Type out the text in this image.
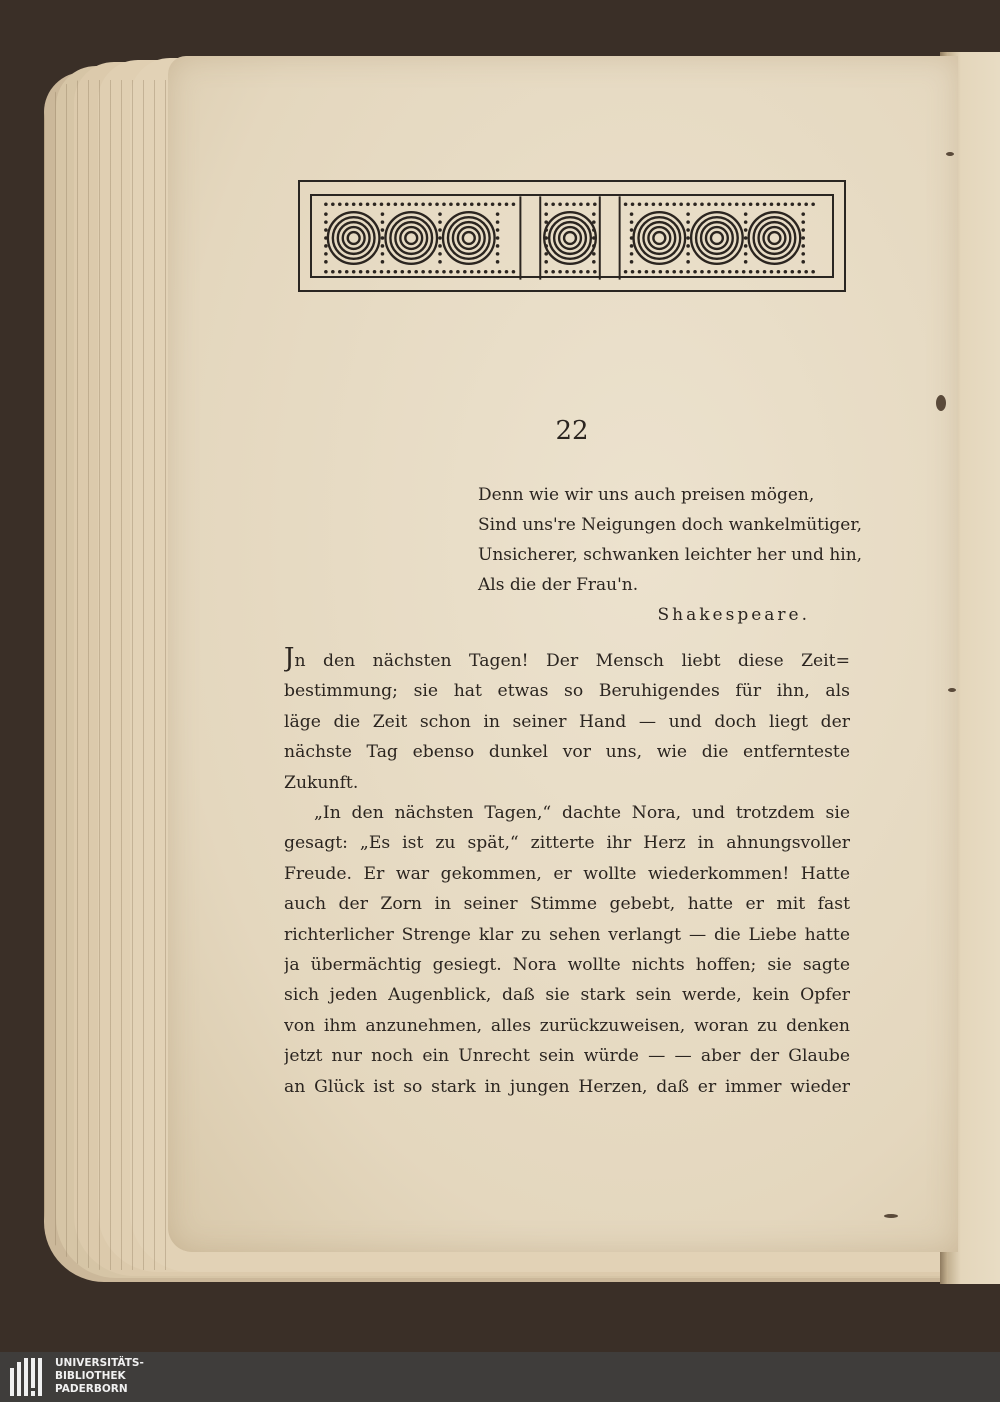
22
Denn wie wir uns auch preisen mögen,
Sind uns're Neigungen doch wankelmütiger,
Unsicherer, schwanken leichter her und hin,
Als die der Frau'n.
Shakespeare.
Jn den nächsten Tagen! Der Mensch liebt diese Zeit=
bestimmung; sie hat etwas so Beruhigendes für ihn, als
läge die Zeit schon in seiner Hand — und doch liegt der
nächste Tag ebenso dunkel vor uns, wie die entfernteste
Zukunft.
„In den nächsten Tagen,“ dachte Nora, und trotzdem sie
gesagt: „Es ist zu spät,“ zitterte ihr Herz in ahnungsvoller
Freude. Er war gekommen, er wollte wiederkommen! Hatte
auch der Zorn in seiner Stimme gebebt, hatte er mit fast
richterlicher Strenge klar zu sehen verlangt — die Liebe hatte
ja übermächtig gesiegt. Nora wollte nichts hoffen; sie sagte
sich jeden Augenblick, daß sie stark sein werde, kein Opfer
von ihm anzunehmen, alles zurückzuweisen, woran zu denken
jetzt nur noch ein Unrecht sein würde — — aber der Glaube
an Glück ist so stark in jungen Herzen, daß er immer wieder
UNIVERSITÄTS-
BIBLIOTHEK
PADERBORN
